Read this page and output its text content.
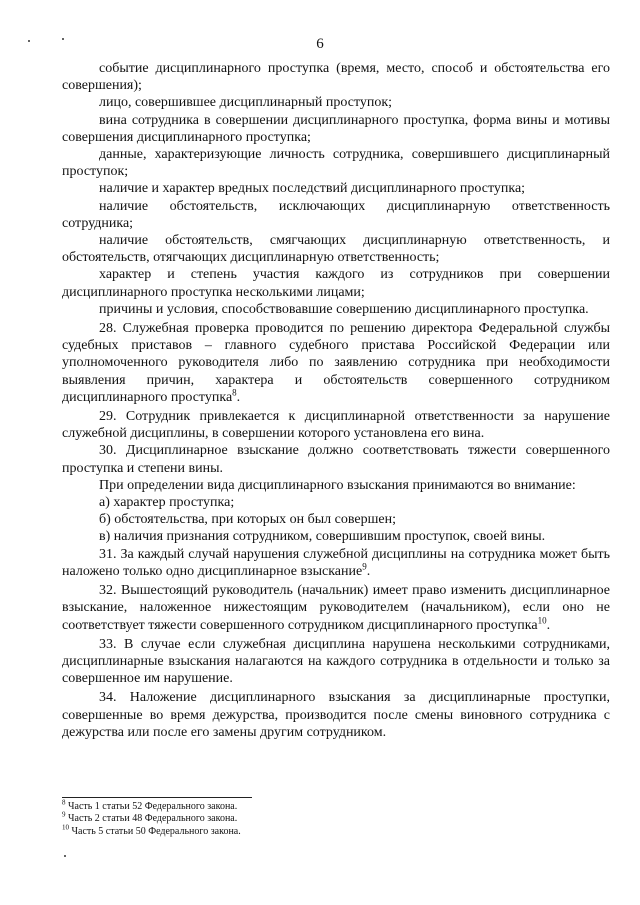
6

событие дисциплинарного проступка (время, место, способ и обстоятельства его совершения);

лицо, совершившее дисциплинарный проступок;

вина сотрудника в совершении дисциплинарного проступка, форма вины и мотивы совершения дисциплинарного проступка;

данные, характеризующие личность сотрудника, совершившего дисциплинарный проступок;

наличие и характер вредных последствий дисциплинарного проступка;

наличие обстоятельств, исключающих дисциплинарную ответственность сотрудника;

наличие обстоятельств, смягчающих дисциплинарную ответственность, и обстоятельств, отягчающих дисциплинарную ответственность;

характер и степень участия каждого из сотрудников при совершении дисциплинарного проступка несколькими лицами;

причины и условия, способствовавшие совершению дисциплинарного проступка.

28. Служебная проверка проводится по решению директора Федеральной службы судебных приставов – главного судебного пристава Российской Федерации или уполномоченного руководителя либо по заявлению сотрудника при необходимости выявления причин, характера и обстоятельств совершенного сотрудником дисциплинарного проступка$^8$.

29. Сотрудник привлекается к дисциплинарной ответственности за нарушение служебной дисциплины, в совершении которого установлена его вина.

30. Дисциплинарное взыскание должно соответствовать тяжести совершенного проступка и степени вины.

При определении вида дисциплинарного взыскания принимаются во внимание:

а) характер проступка;

б) обстоятельства, при которых он был совершен;

в) наличия признания сотрудником, совершившим проступок, своей вины.

31. За каждый случай нарушения служебной дисциплины на сотрудника может быть наложено только одно дисциплинарное взыскание$^9$.

32. Вышестоящий руководитель (начальник) имеет право изменить дисциплинарное взыскание, наложенное нижестоящим руководителем (начальником), если оно не соответствует тяжести совершенного сотрудником дисциплинарного проступка$^{10}$.

33. В случае если служебная дисциплина нарушена несколькими сотрудниками, дисциплинарные взыскания налагаются на каждого сотрудника в отдельности и только за совершенное им нарушение.

34. Наложение дисциплинарного взыскания за дисциплинарные проступки, совершенные во время дежурства, производится после смены виновного сотрудника с дежурства или после его замены другим сотрудником.

$^8$ Часть 1 статьи 52 Федерального закона.

$^9$ Часть 2 статьи 48 Федерального закона.

$^{10}$ Часть 5 статьи 50 Федерального закона.
